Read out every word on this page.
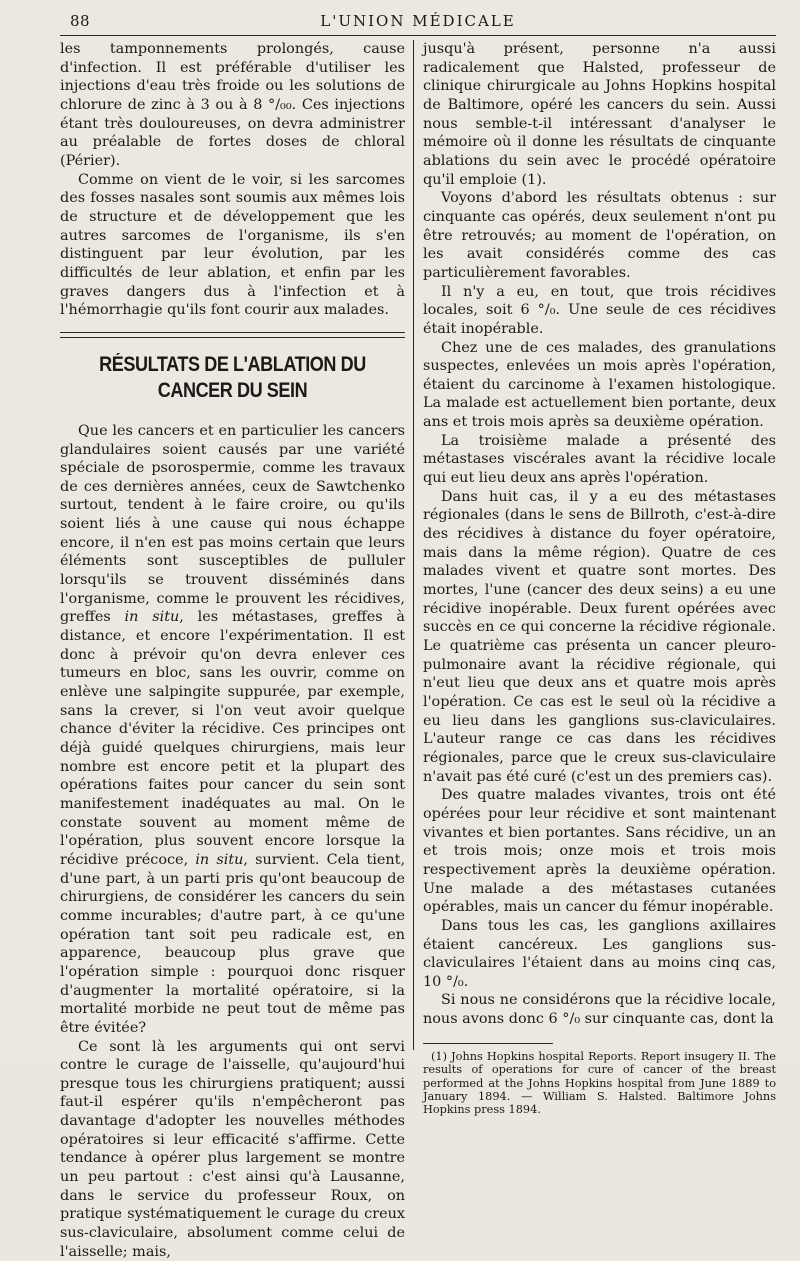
88	L'UNION MÉDICALE

les tamponnements prolongés, cause d'infection. Il est préférable d'utiliser les injections d'eau très froide ou les solutions de chlorure de zinc à 3 ou à 8 °/₀₀. Ces injections étant très douloureuses, on devra administrer au préalable de fortes doses de chloral (Périer).

Comme on vient de le voir, si les sarcomes des fosses nasales sont soumis aux mêmes lois de structure et de développement que les autres sarcomes de l'organisme, ils s'en distinguent par leur évolution, par les difficultés de leur ablation, et enfin par les graves dangers dus à l'infection et à l'hémorrhagie qu'ils font courir aux malades.

RÉSULTATS DE L'ABLATION DU CANCER DU SEIN

Que les cancers et en particulier les cancers glandulaires soient causés par une variété spéciale de psorospermie, comme les travaux de ces dernières années, ceux de Sawtchenko surtout, tendent à le faire croire, ou qu'ils soient liés à une cause qui nous échappe encore, il n'en est pas moins certain que leurs éléments sont susceptibles de pulluler lorsqu'ils se trouvent disséminés dans l'organisme, comme le prouvent les récidives, greffes in situ, les métastases, greffes à distance, et encore l'expérimentation. Il est donc à prévoir qu'on devra enlever ces tumeurs en bloc, sans les ouvrir, comme on enlève une salpingite suppurée, par exemple, sans la crever, si l'on veut avoir quelque chance d'éviter la récidive. Ces principes ont déjà guidé quelques chirurgiens, mais leur nombre est encore petit et la plupart des opérations faites pour cancer du sein sont manifestement inadéquates au mal. On le constate souvent au moment même de l'opération, plus souvent encore lorsque la récidive précoce, in situ, survient. Cela tient, d'une part, à un parti pris qu'ont beaucoup de chirurgiens, de considérer les cancers du sein comme incurables; d'autre part, à ce qu'une opération tant soit peu radicale est, en apparence, beaucoup plus grave que l'opération simple : pourquoi donc risquer d'augmenter la mortalité opératoire, si la mortalité morbide ne peut tout de même pas être évitée?

Ce sont là les arguments qui ont servi contre le curage de l'aisselle, qu'aujourd'hui presque tous les chirurgiens pratiquent; aussi faut-il espérer qu'ils n'empêcheront pas davantage d'adopter les nouvelles méthodes opératoires si leur efficacité s'affirme. Cette tendance à opérer plus largement se montre un peu partout : c'est ainsi qu'à Lausanne, dans le service du professeur Roux, on pratique systématiquement le curage du creux sus-claviculaire, absolument comme celui de l'aisselle; mais,

jusqu'à présent, personne n'a aussi radicalement que Halsted, professeur de clinique chirurgicale au Johns Hopkins hospital de Baltimore, opéré les cancers du sein. Aussi nous semble-t-il intéressant d'analyser le mémoire où il donne les résultats de cinquante ablations du sein avec le procédé opératoire qu'il emploie (1).

Voyons d'abord les résultats obtenus : sur cinquante cas opérés, deux seulement n'ont pu être retrouvés; au moment de l'opération, on les avait considérés comme des cas particulièrement favorables.

Il n'y a eu, en tout, que trois récidives locales, soit 6 °/₀. Une seule de ces récidives était inopérable.

Chez une de ces malades, des granulations suspectes, enlevées un mois après l'opération, étaient du carcinome à l'examen histologique. La malade est actuellement bien portante, deux ans et trois mois après sa deuxième opération.

La troisième malade a présenté des métastases viscérales avant la récidive locale qui eut lieu deux ans après l'opération.

Dans huit cas, il y a eu des métastases régionales (dans le sens de Billroth, c'est-à-dire des récidives à distance du foyer opératoire, mais dans la même région). Quatre de ces malades vivent et quatre sont mortes. Des mortes, l'une (cancer des deux seins) a eu une récidive inopérable. Deux furent opérées avec succès en ce qui concerne la récidive régionale. Le quatrième cas présenta un cancer pleuro-pulmonaire avant la récidive régionale, qui n'eut lieu que deux ans et quatre mois après l'opération. Ce cas est le seul où la récidive a eu lieu dans les ganglions sus-claviculaires. L'auteur range ce cas dans les récidives régionales, parce que le creux sus-claviculaire n'avait pas été curé (c'est un des premiers cas).

Des quatre malades vivantes, trois ont été opérées pour leur récidive et sont maintenant vivantes et bien portantes. Sans récidive, un an et trois mois; onze mois et trois mois respectivement après la deuxième opération. Une malade a des métastases cutanées opérables, mais un cancer du fémur inopérable.

Dans tous les cas, les ganglions axillaires étaient cancéreux. Les ganglions sus-claviculaires l'étaient dans au moins cinq cas, 10 °/₀.

Si nous ne considérons que la récidive locale, nous avons donc 6 °/₀ sur cinquante cas, dont la

(1) Johns Hopkins hospital Reports. Report insugery II. The results of operations for cure of cancer of the breast performed at the Johns Hopkins hospital from June 1889 to January 1894. — William S. Halsted. Baltimore Johns Hopkins press 1894.
